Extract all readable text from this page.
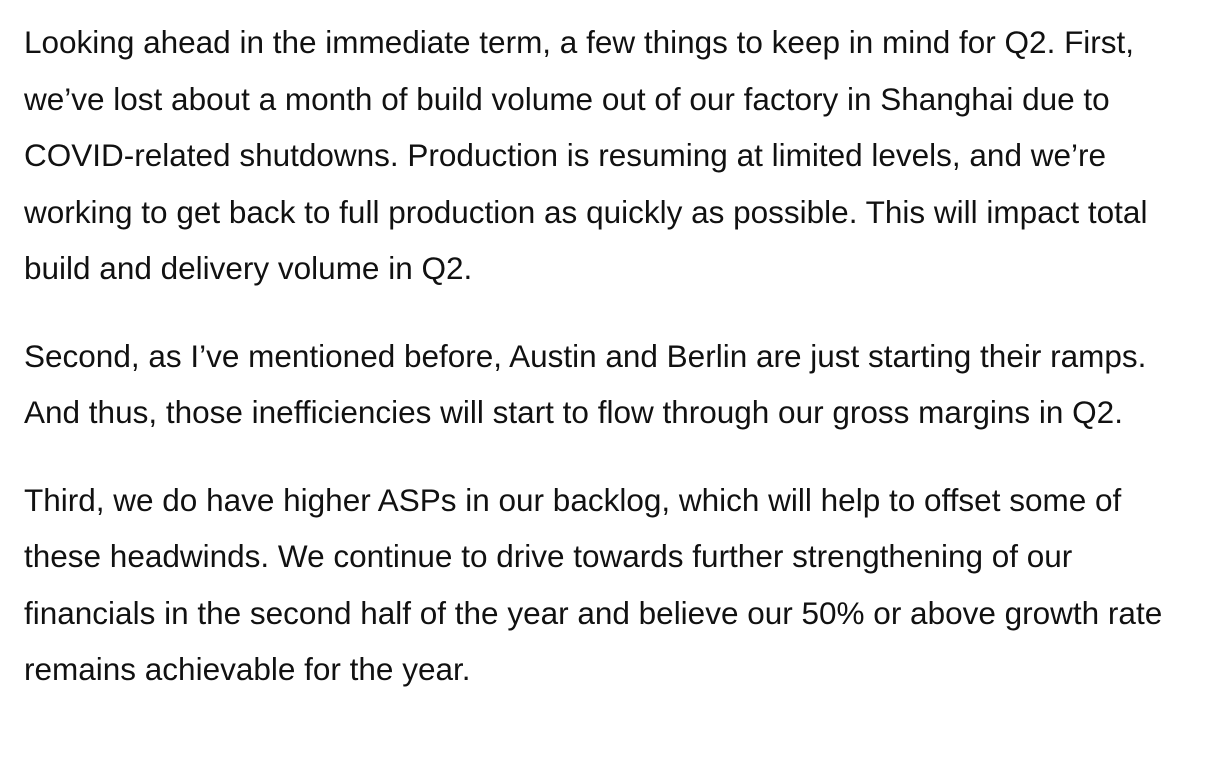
Looking ahead in the immediate term, a few things to keep in mind for Q2. First, we’ve lost about a month of build volume out of our factory in Shanghai due to COVID-related shutdowns. Production is resuming at limited levels, and we’re working to get back to full production as quickly as possible. This will impact total build and delivery volume in Q2.

Second, as I’ve mentioned before, Austin and Berlin are just starting their ramps. And thus, those inefficiencies will start to flow through our gross margins in Q2.

Third, we do have higher ASPs in our backlog, which will help to offset some of these headwinds. We continue to drive towards further strengthening of our financials in the second half of the year and believe our 50% or above growth rate remains achievable for the year.
